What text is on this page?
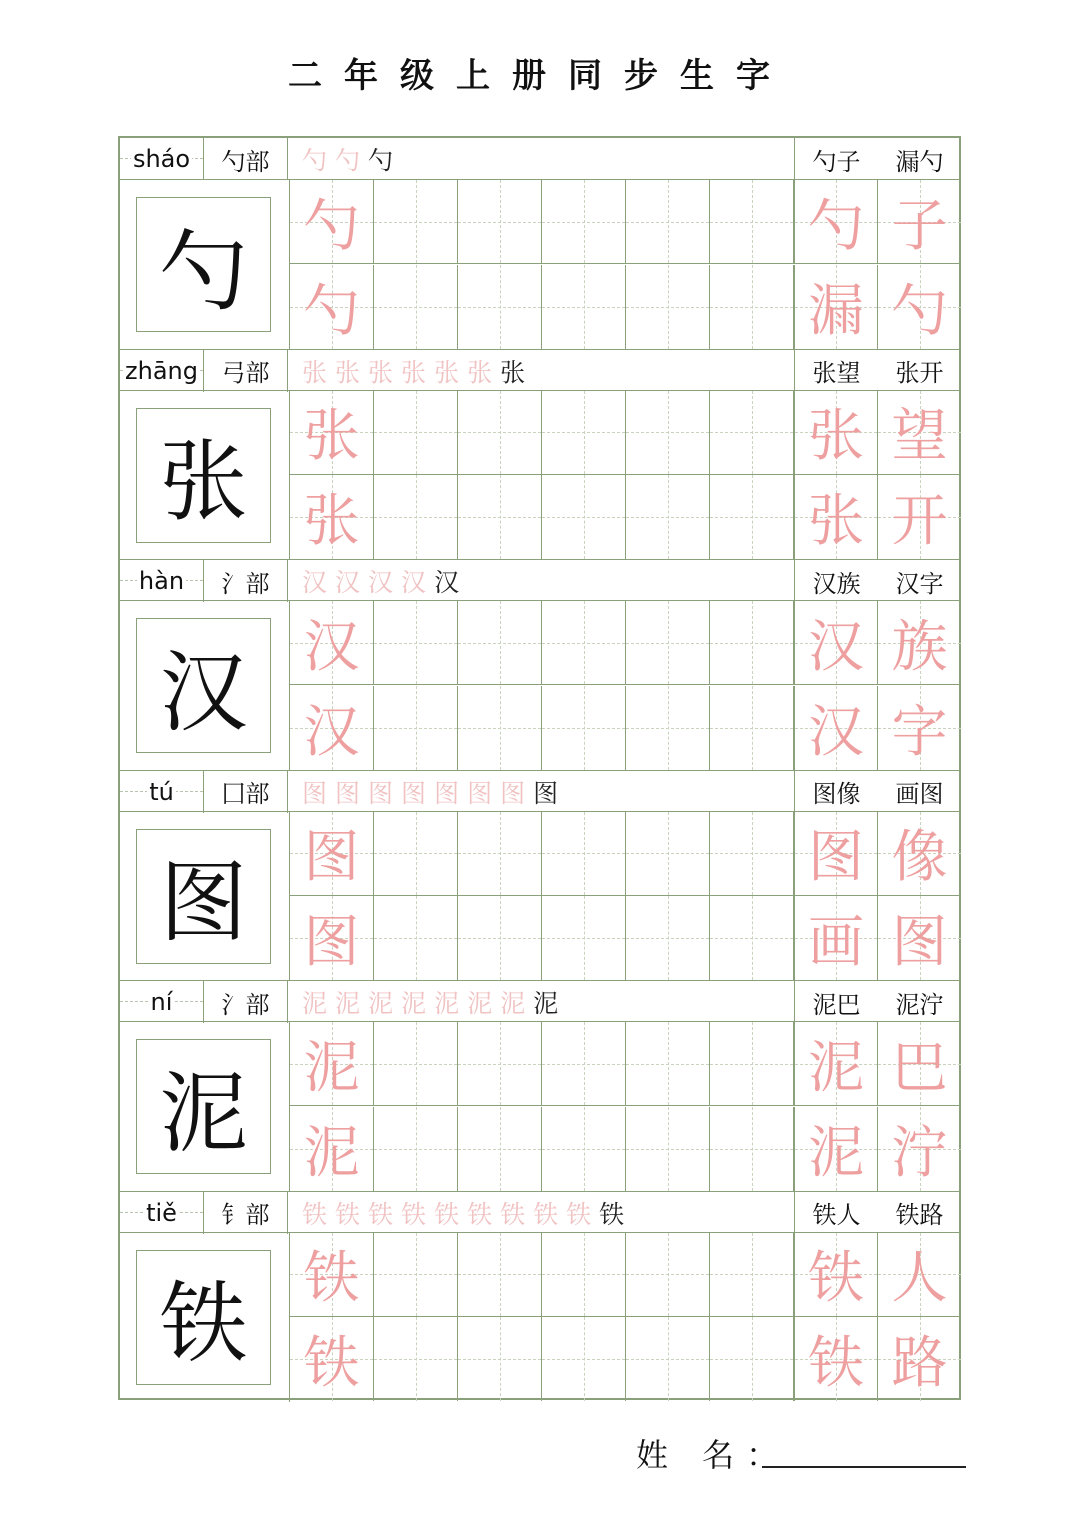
二年级上册同步生字
sháo	勺部	勺 勺 勺	勺子 漏勺
勺	勺	勺 子
勺	漏 勺
zhāng 弓部	张 张 张 张 张 张 张	张望 张开
张	张	张 望
张	张 开
hàn	氵部	汉 汉 汉 汉 汉	汉族 汉字
汉	汉	汉 族
汉	汉 字
tú	囗部	图 图 图 图 图 图 图 图	图像 画图
图	图	图 像
图	画 图
ní	氵部	泥 泥 泥 泥 泥 泥 泥 泥	泥巴 泥泞
泥	泥	泥 巴
泥	泥 泞
tiě	钅部	铁 铁 铁 铁 铁 铁 铁 铁 铁 铁	铁人 铁路
铁	铁	铁 人
铁	铁 路
姓 名：
